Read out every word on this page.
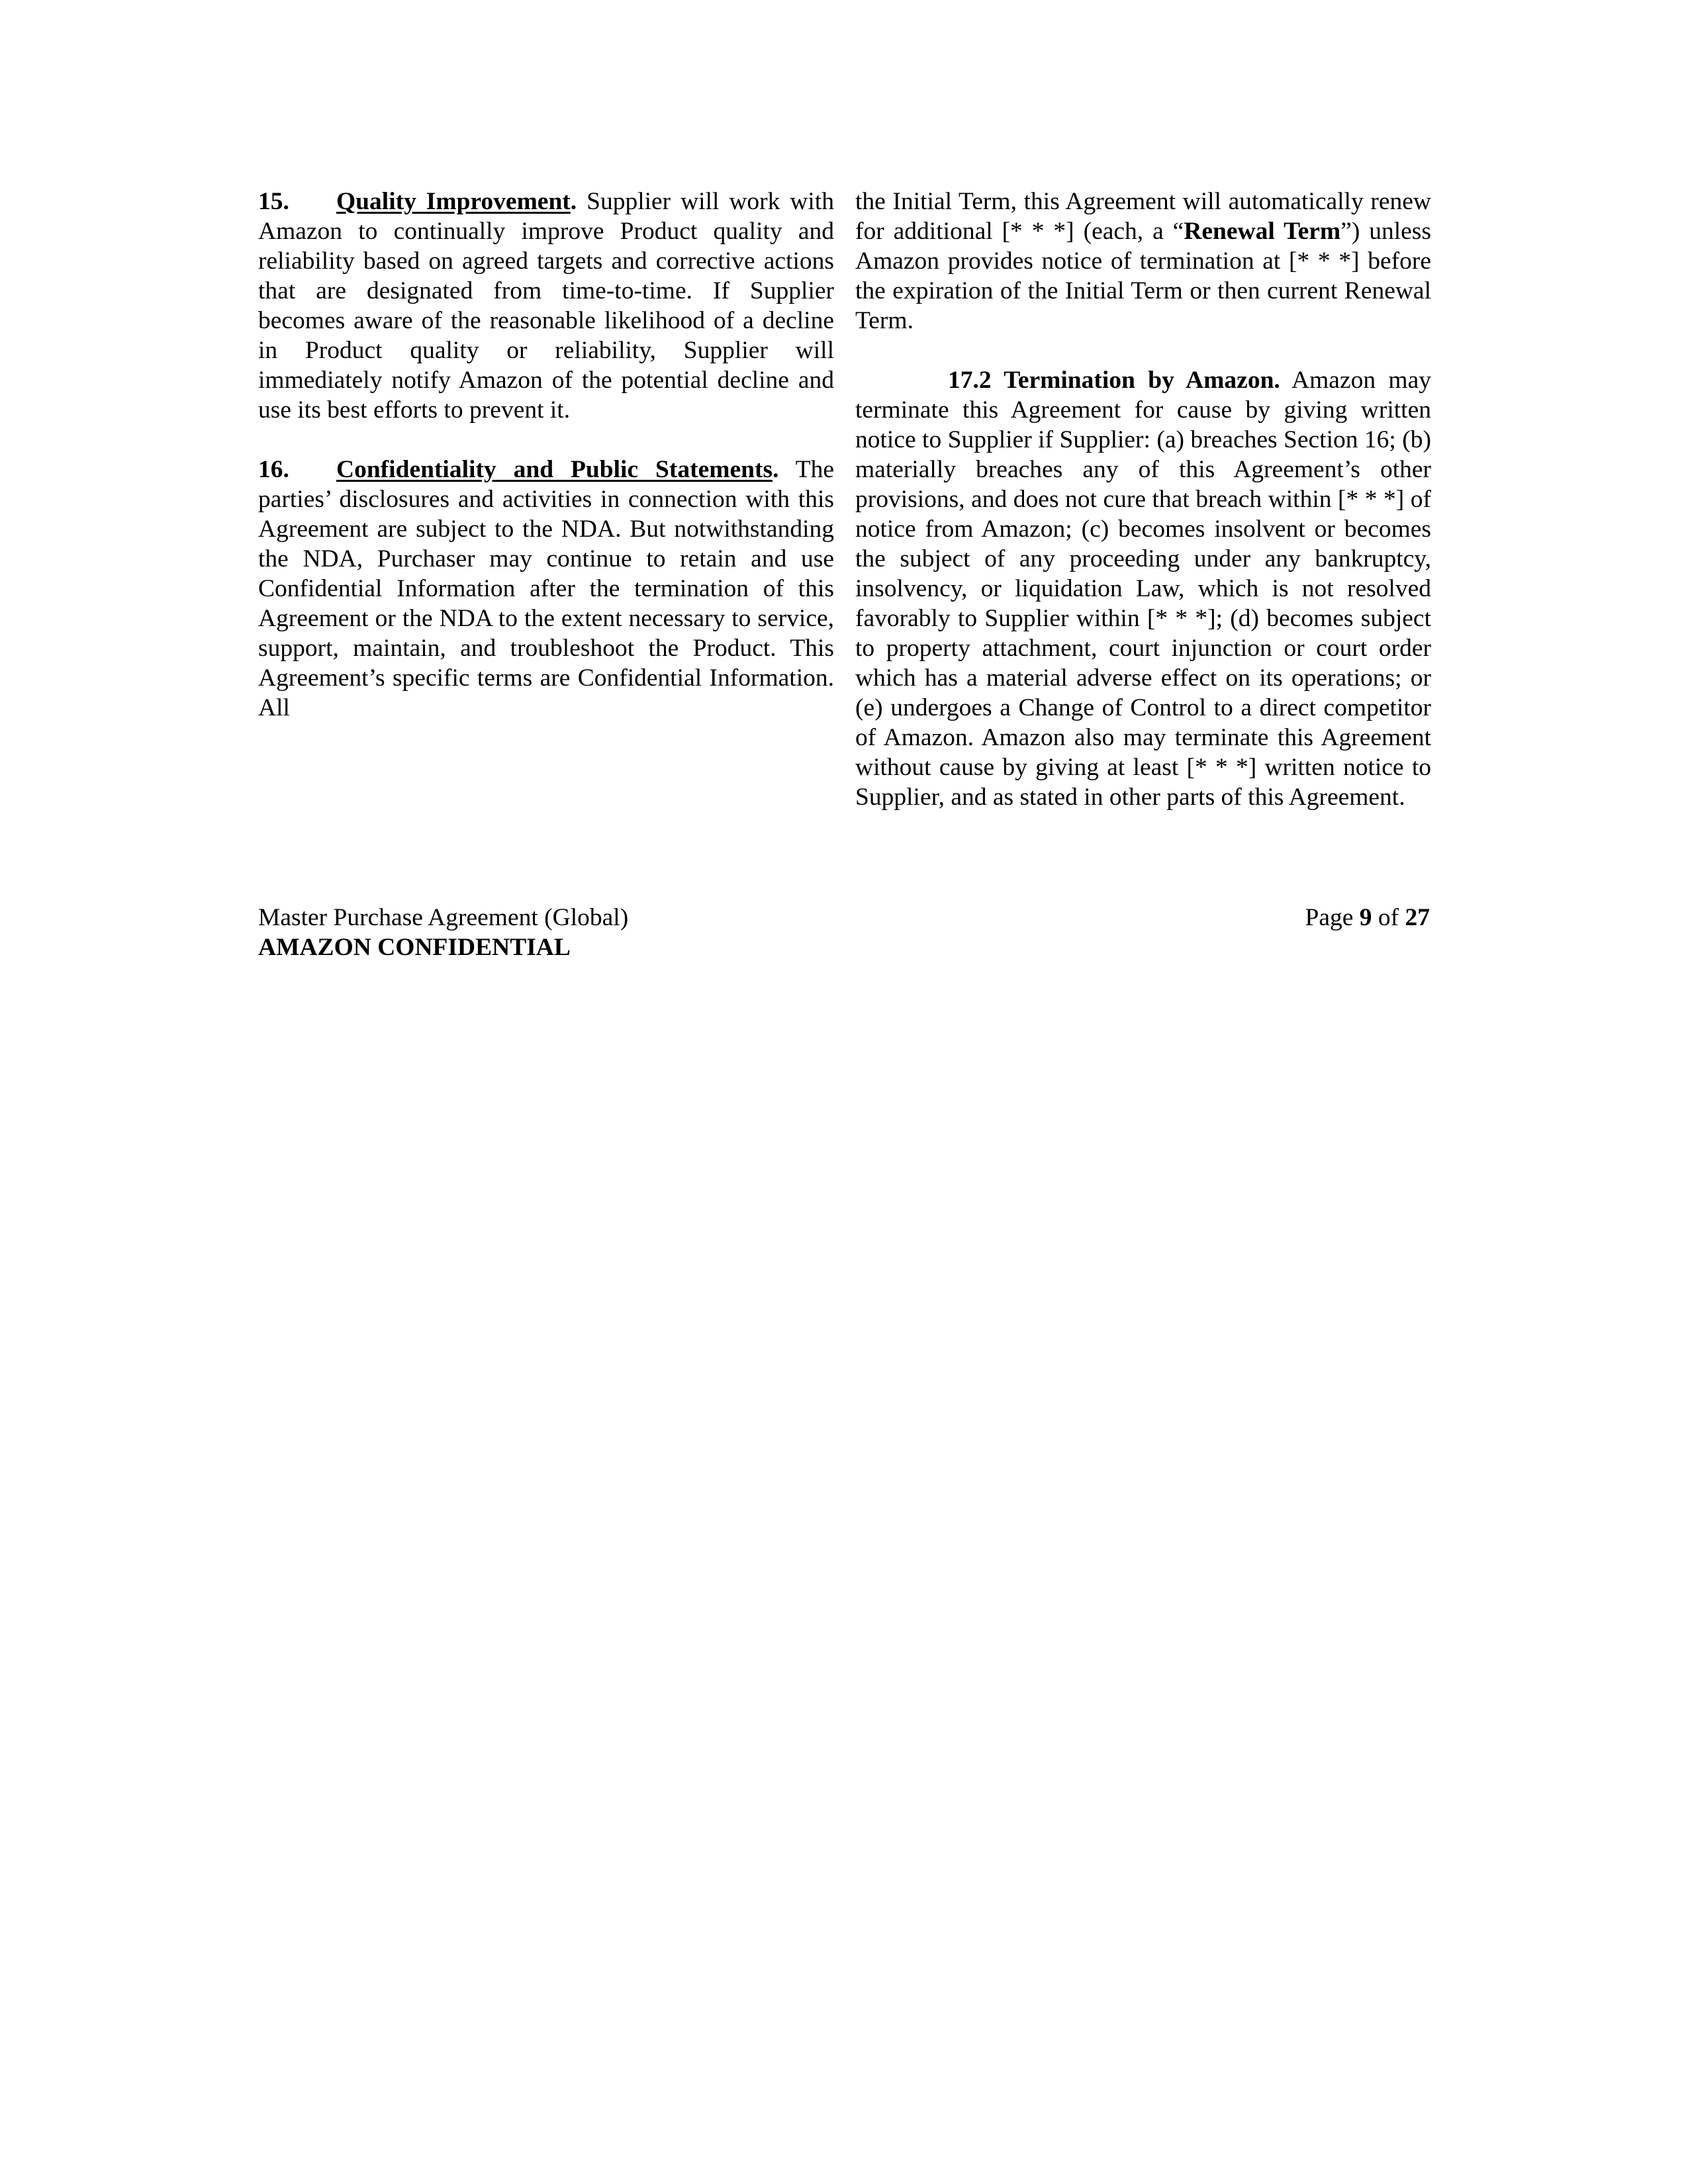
15. Quality Improvement. Supplier will work with Amazon to continually improve Product quality and reliability based on agreed targets and corrective actions that are designated from time-to-time. If Supplier becomes aware of the reasonable likelihood of a decline in Product quality or reliability, Supplier will immediately notify Amazon of the potential decline and use its best efforts to prevent it.

16. Confidentiality and Public Statements. The parties’ disclosures and activities in connection with this Agreement are subject to the NDA. But notwithstanding the NDA, Purchaser may continue to retain and use Confidential Information after the termination of this Agreement or the NDA to the extent necessary to service, support, maintain, and troubleshoot the Product. This Agreement’s specific terms are Confidential Information. All

the Initial Term, this Agreement will automatically renew for additional [* * *] (each, a “Renewal Term”) unless Amazon provides notice of termination at [* * *] before the expiration of the Initial Term or then current Renewal Term.

17.2 Termination by Amazon. Amazon may terminate this Agreement for cause by giving written notice to Supplier if Supplier: (a) breaches Section 16; (b) materially breaches any of this Agreement’s other provisions, and does not cure that breach within [* * *] of notice from Amazon; (c) becomes insolvent or becomes the subject of any proceeding under any bankruptcy, insolvency, or liquidation Law, which is not resolved favorably to Supplier within [* * *]; (d) becomes subject to property attachment, court injunction or court order which has a material adverse effect on its operations; or (e) undergoes a Change of Control to a direct competitor of Amazon. Amazon also may terminate this Agreement without cause by giving at least [* * *] written notice to Supplier, and as stated in other parts of this Agreement.

Master Purchase Agreement (Global)
AMAZON CONFIDENTIAL
Page 9 of 27
